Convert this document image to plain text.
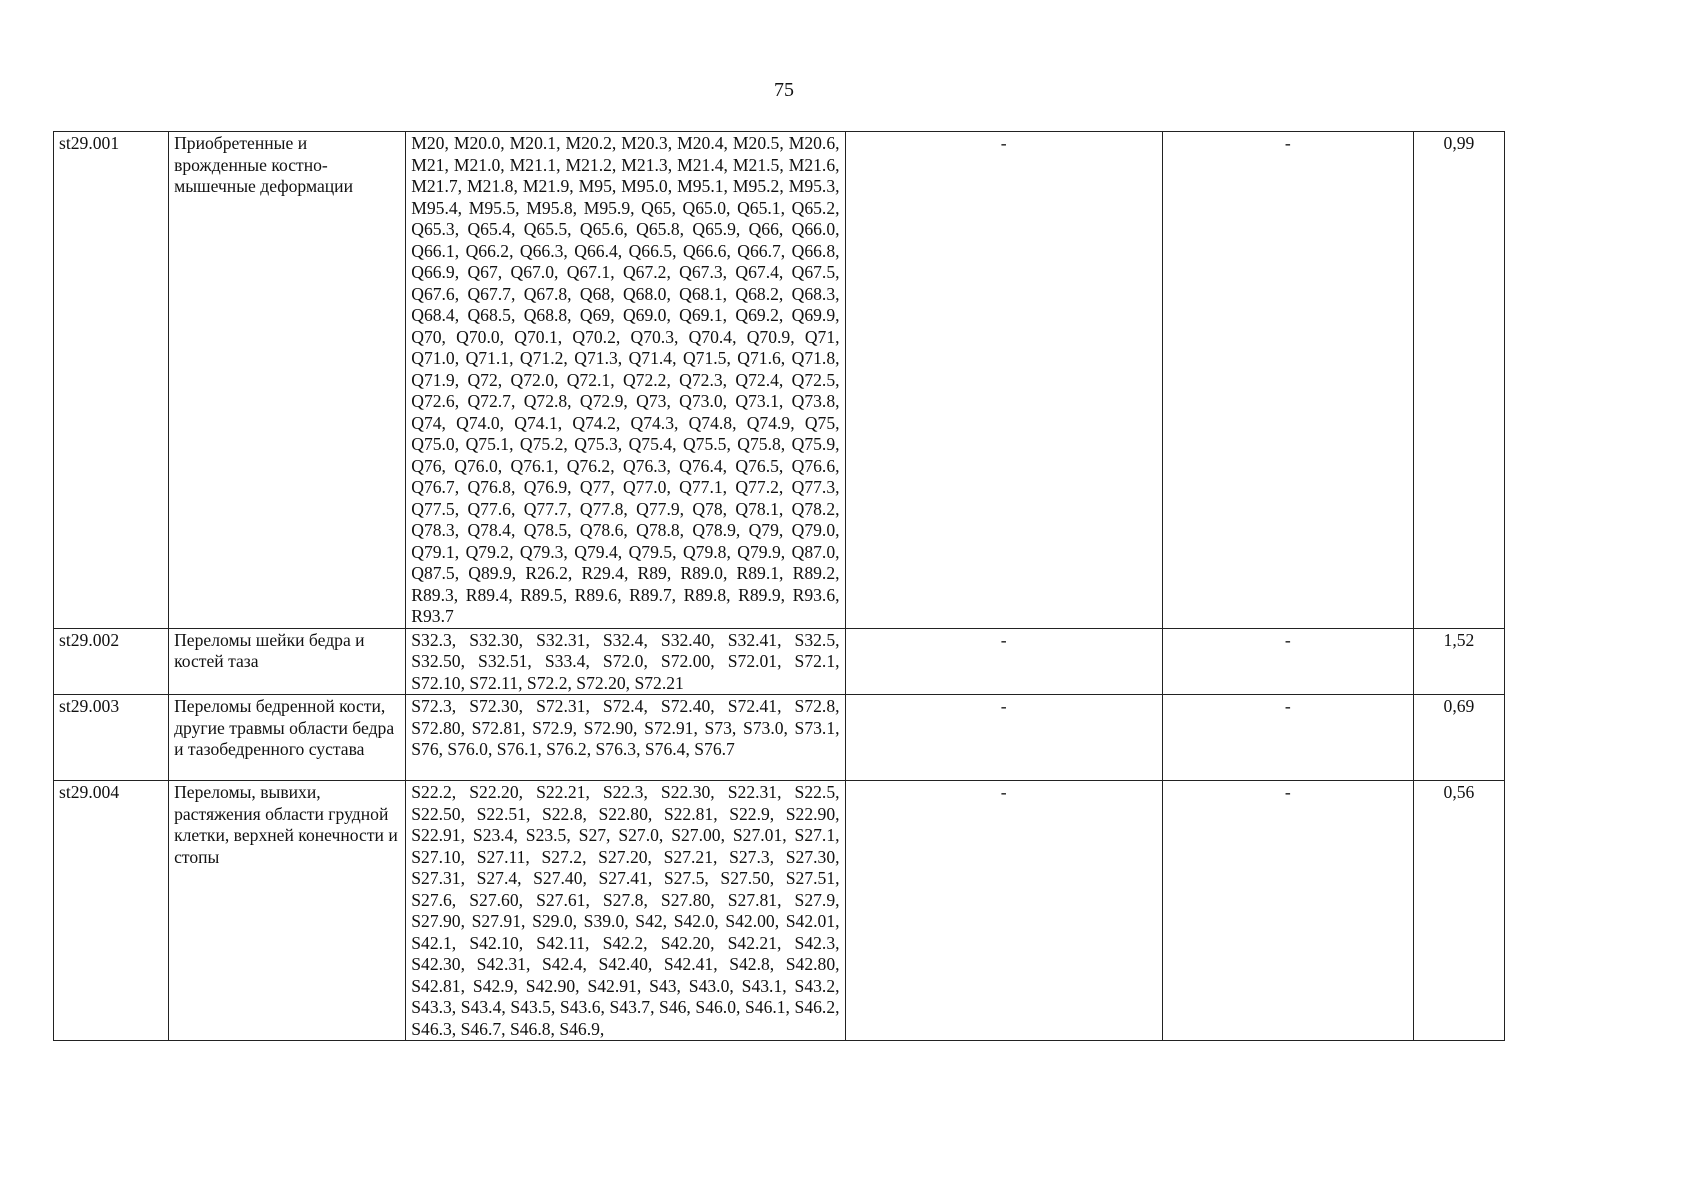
75
st29.001	Приобретенные и врожденные костно-мышечные деформации	M20, M20.0, M20.1, M20.2, M20.3, M20.4, M20.5, M20.6, M21, M21.0, M21.1, M21.2, M21.3, M21.4, M21.5, M21.6, M21.7, M21.8, M21.9, M95, M95.0, M95.1, M95.2, M95.3, M95.4, M95.5, M95.8, M95.9, Q65, Q65.0, Q65.1, Q65.2, Q65.3, Q65.4, Q65.5, Q65.6, Q65.8, Q65.9, Q66, Q66.0, Q66.1, Q66.2, Q66.3, Q66.4, Q66.5, Q66.6, Q66.7, Q66.8, Q66.9, Q67, Q67.0, Q67.1, Q67.2, Q67.3, Q67.4, Q67.5, Q67.6, Q67.7, Q67.8, Q68, Q68.0, Q68.1, Q68.2, Q68.3, Q68.4, Q68.5, Q68.8, Q69, Q69.0, Q69.1, Q69.2, Q69.9, Q70, Q70.0, Q70.1, Q70.2, Q70.3, Q70.4, Q70.9, Q71, Q71.0, Q71.1, Q71.2, Q71.3, Q71.4, Q71.5, Q71.6, Q71.8, Q71.9, Q72, Q72.0, Q72.1, Q72.2, Q72.3, Q72.4, Q72.5, Q72.6, Q72.7, Q72.8, Q72.9, Q73, Q73.0, Q73.1, Q73.8, Q74, Q74.0, Q74.1, Q74.2, Q74.3, Q74.8, Q74.9, Q75, Q75.0, Q75.1, Q75.2, Q75.3, Q75.4, Q75.5, Q75.8, Q75.9, Q76, Q76.0, Q76.1, Q76.2, Q76.3, Q76.4, Q76.5, Q76.6, Q76.7, Q76.8, Q76.9, Q77, Q77.0, Q77.1, Q77.2, Q77.3, Q77.5, Q77.6, Q77.7, Q77.8, Q77.9, Q78, Q78.1, Q78.2, Q78.3, Q78.4, Q78.5, Q78.6, Q78.8, Q78.9, Q79, Q79.0, Q79.1, Q79.2, Q79.3, Q79.4, Q79.5, Q79.8, Q79.9, Q87.0, Q87.5, Q89.9, R26.2, R29.4, R89, R89.0, R89.1, R89.2, R89.3, R89.4, R89.5, R89.6, R89.7, R89.8, R89.9, R93.6, R93.7	-	-	0,99
st29.002	Переломы шейки бедра и костей таза	S32.3, S32.30, S32.31, S32.4, S32.40, S32.41, S32.5, S32.50, S32.51, S33.4, S72.0, S72.00, S72.01, S72.1, S72.10, S72.11, S72.2, S72.20, S72.21	-	-	1,52
st29.003	Переломы бедренной кости, другие травмы области бедра и тазобедренного сустава	S72.3, S72.30, S72.31, S72.4, S72.40, S72.41, S72.8, S72.80, S72.81, S72.9, S72.90, S72.91, S73, S73.0, S73.1, S76, S76.0, S76.1, S76.2, S76.3, S76.4, S76.7	-	-	0,69
st29.004	Переломы, вывихи, растяжения области грудной клетки, верхней конечности и стопы	S22.2, S22.20, S22.21, S22.3, S22.30, S22.31, S22.5, S22.50, S22.51, S22.8, S22.80, S22.81, S22.9, S22.90, S22.91, S23.4, S23.5, S27, S27.0, S27.00, S27.01, S27.1, S27.10, S27.11, S27.2, S27.20, S27.21, S27.3, S27.30, S27.31, S27.4, S27.40, S27.41, S27.5, S27.50, S27.51, S27.6, S27.60, S27.61, S27.8, S27.80, S27.81, S27.9, S27.90, S27.91, S29.0, S39.0, S42, S42.0, S42.00, S42.01, S42.1, S42.10, S42.11, S42.2, S42.20, S42.21, S42.3, S42.30, S42.31, S42.4, S42.40, S42.41, S42.8, S42.80, S42.81, S42.9, S42.90, S42.91, S43, S43.0, S43.1, S43.2, S43.3, S43.4, S43.5, S43.6, S43.7, S46, S46.0, S46.1, S46.2, S46.3, S46.7, S46.8, S46.9,	-	-	0,56
